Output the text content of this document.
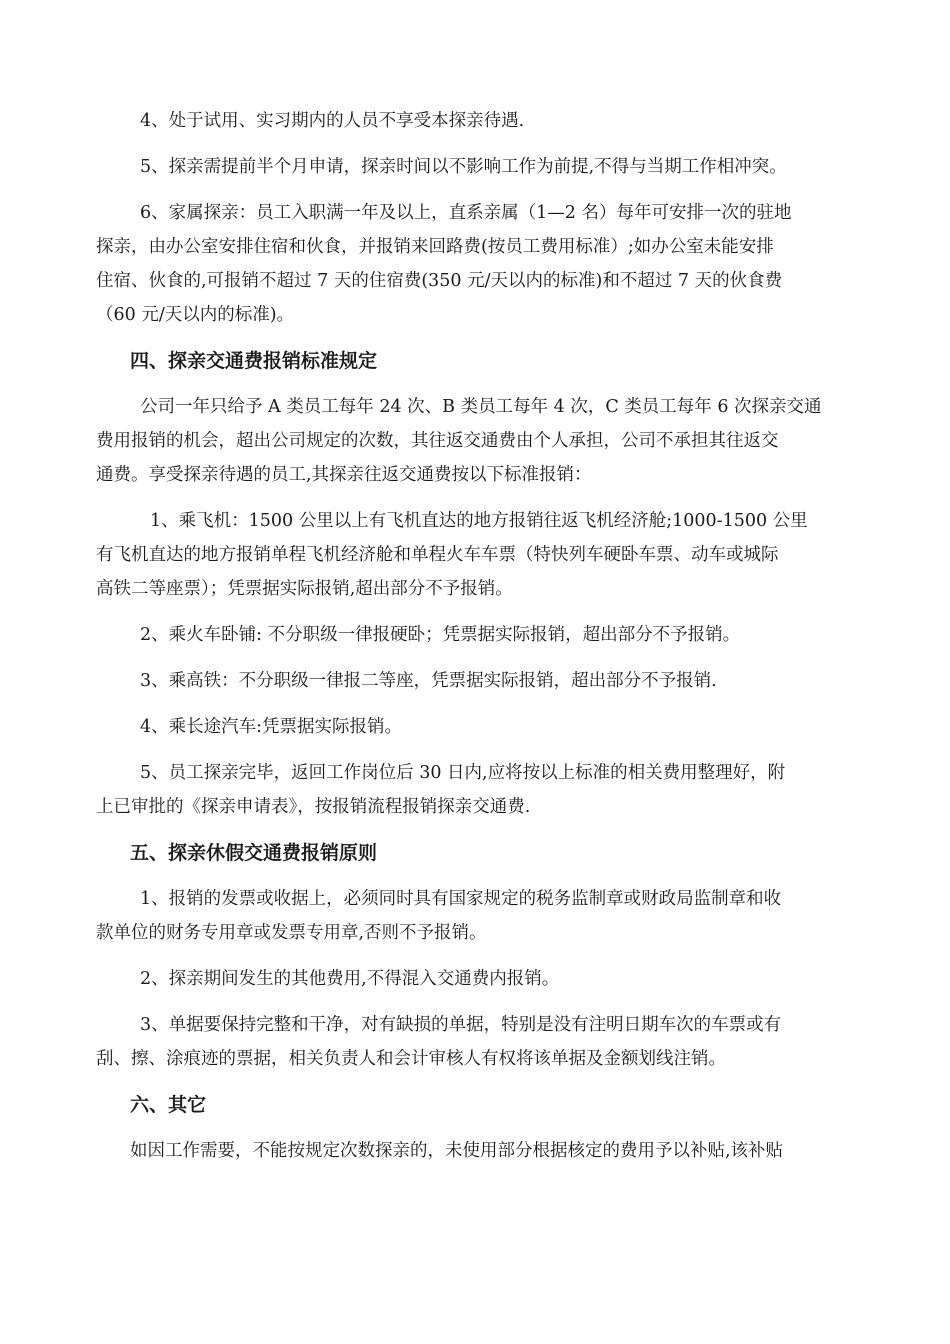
4、处于试用、实习期内的人员不享受本探亲待遇.

5、探亲需提前半个月申请，探亲时间以不影响工作为前提,不得与当期工作相冲突。

6、家属探亲：员工入职满一年及以上，直系亲属（1—2 名）每年可安排一次的驻地
探亲，由办公室安排住宿和伙食，并报销来回路费(按员工费用标准）;如办公室未能安排
住宿、伙食的,可报销不超过 7 天的住宿费(350 元/天以内的标准)和不超过 7 天的伙食费
（60 元/天以内的标准)。

四、探亲交通费报销标准规定

公司一年只给予 A 类员工每年 24 次、B 类员工每年 4 次，C 类员工每年 6 次探亲交通
费用报销的机会，超出公司规定的次数，其往返交通费由个人承担，公司不承担其往返交
通费。享受探亲待遇的员工,其探亲往返交通费按以下标准报销：

1、乘飞机：1500 公里以上有飞机直达的地方报销往返飞机经济舱;1000-1500 公里
有飞机直达的地方报销单程飞机经济舱和单程火车车票（特快列车硬卧车票、动车或城际
高铁二等座票）；凭票据实际报销,超出部分不予报销。

2、乘火车卧铺: 不分职级一律报硬卧；凭票据实际报销，超出部分不予报销。

3、乘高铁：不分职级一律报二等座，凭票据实际报销，超出部分不予报销.

4、乘长途汽车:凭票据实际报销。

5、员工探亲完毕，返回工作岗位后 30 日内,应将按以上标准的相关费用整理好，附
上已审批的《探亲申请表》，按报销流程报销探亲交通费.

五、探亲休假交通费报销原则

1、报销的发票或收据上，必须同时具有国家规定的税务监制章或财政局监制章和收
款单位的财务专用章或发票专用章,否则不予报销。

2、探亲期间发生的其他费用,不得混入交通费内报销。

3、单据要保持完整和干净，对有缺损的单据，特别是没有注明日期车次的车票或有
刮、擦、涂痕迹的票据，相关负责人和会计审核人有权将该单据及金额划线注销。

六、其它

如因工作需要，不能按规定次数探亲的，未使用部分根据核定的费用予以补贴,该补贴
